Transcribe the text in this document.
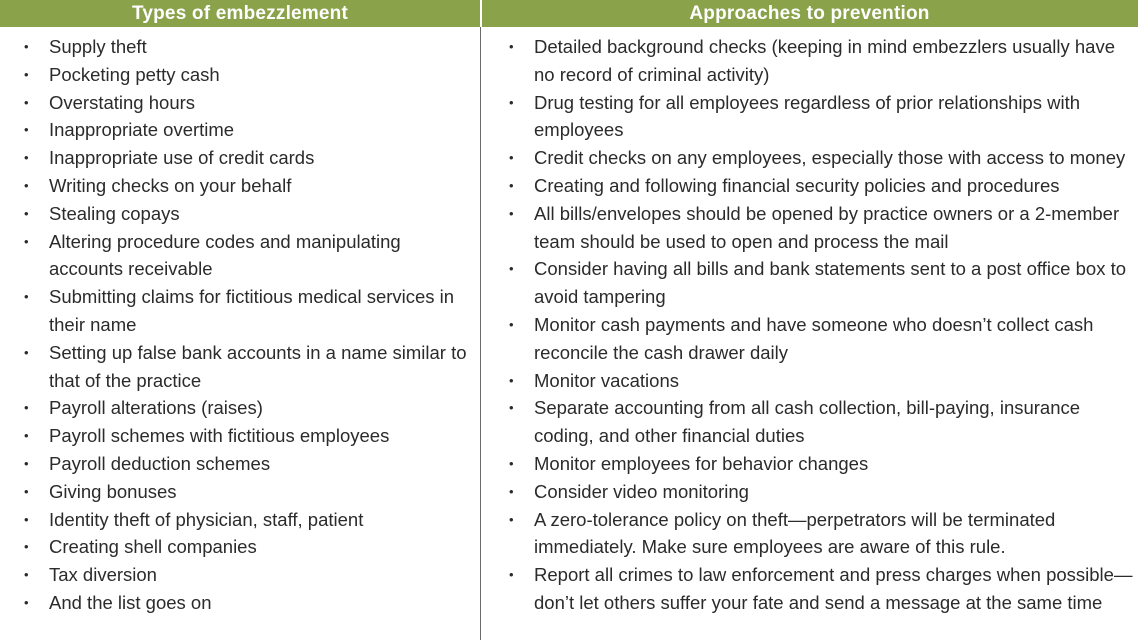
Types of embezzlement	Approaches to prevention
• Supply theft
• Pocketing petty cash
• Overstating hours
• Inappropriate overtime
• Inappropriate use of credit cards
• Writing checks on your behalf
• Stealing copays
• Altering procedure codes and manipulating accounts receivable
• Submitting claims for fictitious medical services in their name
• Setting up false bank accounts in a name similar to that of the practice
• Payroll alterations (raises)
• Payroll schemes with fictitious employees
• Payroll deduction schemes
• Giving bonuses
• Identity theft of physician, staff, patient
• Creating shell companies
• Tax diversion
• And the list goes on
• Detailed background checks (keeping in mind embezzlers usually have no record of criminal activity)
• Drug testing for all employees regardless of prior relationships with employees
• Credit checks on any employees, especially those with access to money
• Creating and following financial security policies and procedures
• All bills/envelopes should be opened by practice owners or a 2-member team should be used to open and process the mail
• Consider having all bills and bank statements sent to a post office box to avoid tampering
• Monitor cash payments and have someone who doesn’t collect cash reconcile the cash drawer daily
• Monitor vacations
• Separate accounting from all cash collection, bill-paying, insurance coding, and other financial duties
• Monitor employees for behavior changes
• Consider video monitoring
• A zero-tolerance policy on theft—perpetrators will be terminated immediately. Make sure employees are aware of this rule.
• Report all crimes to law enforcement and press charges when possible—don’t let others suffer your fate and send a message at the same time
